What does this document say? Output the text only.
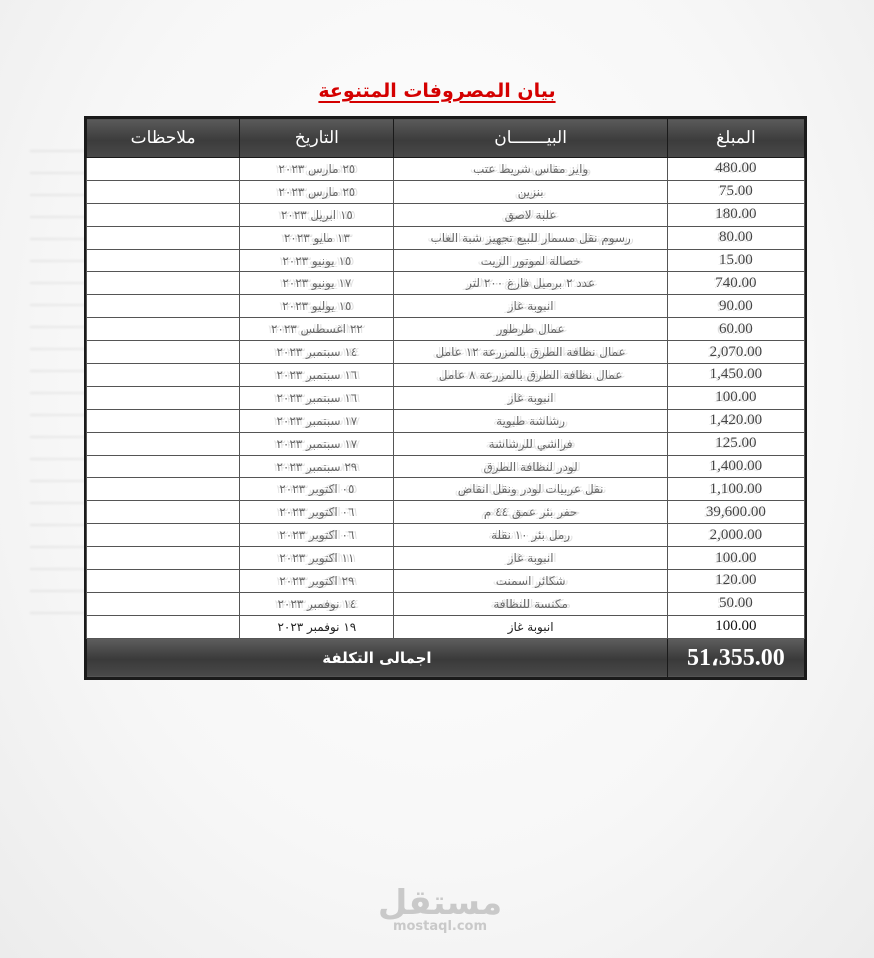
بيان المصروفات المتنوعة
المبلغ	البيـــــــان	التاريخ	ملاحظات
480.00	وايز مقاس شريط عتب	٢٥ مارس ٢٠٢٣	
75.00	بنزين	٢٥ مارس ٢٠٢٣	
180.00	علبة لاصق	١٥ ابريل ٢٠٢٣	
80.00	رسوم نقل مسمار للبيع تجهيز شبة الغاب	١٣ مايو ٢٠٢٣	
15.00	خصالة لموتور الزيت	١٥ يونيو ٢٠٢٣	
740.00	عدد ٢ برميل فارغ ٢٠٠ لتر	١٧ يونيو ٢٠٢٣	
90.00	انبوبة غاز	١٥ يوليو ٢٠٢٣	
60.00	عمال طرطور	٢٢ اغسطس ٢٠٢٣	
2,070.00	عمال نظافة الطرق بالمزرعة ١٢ عامل	١٤ سبتمبر ٢٠٢٣	
1,450.00	عمال نظافة الطرق بالمزرعة ٨ عامل	١٦ سبتمبر ٢٠٢٣	
100.00	انبوبة غاز	١٦ سبتمبر ٢٠٢٣	
1,420.00	رشاشة طبوية	١٧ سبتمبر ٢٠٢٣	
125.00	فراشي للرشاشة	١٧ سبتمبر ٢٠٢٣	
1,400.00	لودر لنظافة الطرق	٢٩ سبتمبر ٢٠٢٣	
1,100.00	نقل عربيات لودر ونقل انقاض	٠٥ اكتوبر ٢٠٢٣	
39,600.00	حفر بئر عمق ٤٤ م	٠٦ اكتوبر ٢٠٢٣	
2,000.00	رمل بئر ١٠ نقلة	٠٦ اكتوبر ٢٠٢٣	
100.00	انبوبة غاز	١١ اكتوبر ٢٠٢٣	
120.00	شكائر اسمنت	٢٩ اكتوبر ٢٠٢٣	
50.00	مكنسة للنظافة	١٤ نوفمبر ٢٠٢٣	
100.00	انبوبة غاز	١٩ نوفمبر ٢٠٢٣	
51،355.00	اجمالى التكلفة		
مستقل
mostaql.com
